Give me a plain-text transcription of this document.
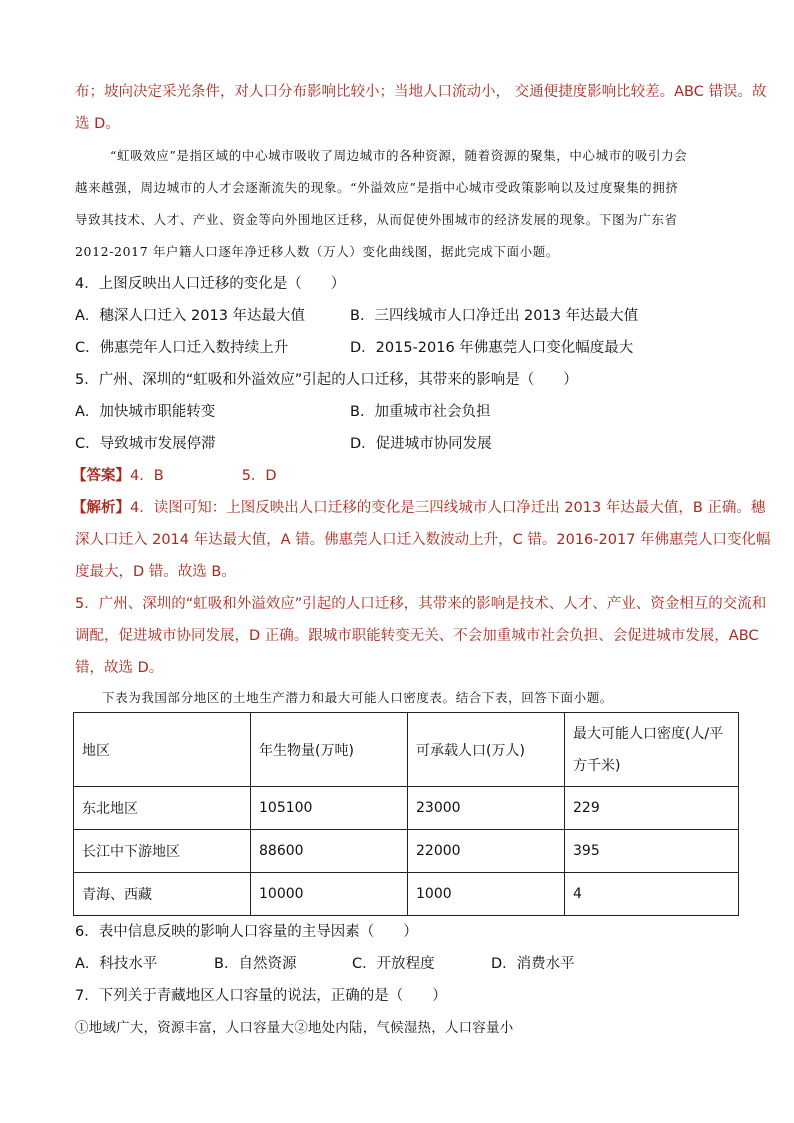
布；坡向决定采光条件，对人口分布影响比较小；当地人口流动小， 交通便捷度影响比较差。ABC 错误。故
选 D。
“虹吸效应”是指区域的中心城市吸收了周边城市的各种资源，随着资源的聚集，中心城市的吸引力会
越来越强，周边城市的人才会逐渐流失的现象。“外溢效应”是指中心城市受政策影响以及过度聚集的拥挤
导致其技术、人才、产业、资金等向外围地区迁移，从而促使外围城市的经济发展的现象。下图为广东省
2012-2017 年户籍人口逐年净迁移人数（万人）变化曲线图，据此完成下面小题。
4．上图反映出人口迁移的变化是（　　）
A．穗深人口迁入 2013 年达最大值	B．三四线城市人口净迁出 2013 年达最大值
C．佛惠莞年人口迁入数持续上升	D．2015-2016 年佛惠莞人口变化幅度最大
5．广州、深圳的“虹吸和外溢效应”引起的人口迁移，其带来的影响是（　　）
A．加快城市职能转变	B．加重城市社会负担
C．导致城市发展停滞	D．促进城市协同发展
【答案】4．B	5．D
【解析】4．读图可知：上图反映出人口迁移的变化是三四线城市人口净迁出 2013 年达最大值，B 正确。穗
深人口迁入 2014 年达最大值，A 错。佛惠莞人口迁入数波动上升，C 错。2016-2017 年佛惠莞人口变化幅
度最大，D 错。故选 B。
5．广州、深圳的“虹吸和外溢效应”引起的人口迁移，其带来的影响是技术、人才、产业、资金相互的交流和
调配，促进城市协同发展，D 正确。跟城市职能转变无关、不会加重城市社会负担、会促进城市发展，ABC
错，故选 D。
下表为我国部分地区的土地生产潜力和最大可能人口密度表。结合下表，回答下面小题。
地区	年生物量(万吨)	可承载人口(万人)	最大可能人口密度(人/平
方千米)

东北地区	105100	23000	229
长江中下游地区	88600	22000	395
青海、西藏	10000	1000	4
6．表中信息反映的影响人口容量的主导因素（　　）
A．科技水平	B．自然资源	C．开放程度	D．消费水平
7．下列关于青藏地区人口容量的说法，正确的是（　　）
①地域广大，资源丰富，人口容量大②地处内陆，气候湿热，人口容量小
